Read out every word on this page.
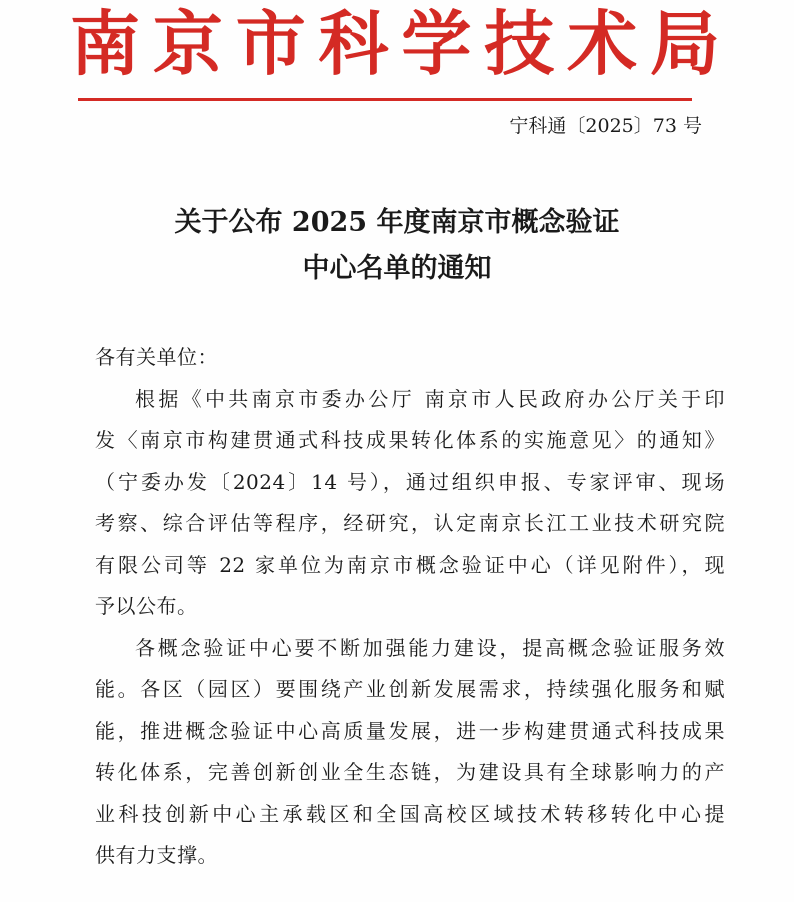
南 京 市 科 学 技 术 局
宁科通〔2025〕73 号
关于公布 2025 年度南京市概念验证
中心名单的通知

各有关单位：

根据《中共南京市委办公厅 南京市人民政府办公厅关于印
发〈南京市构建贯通式科技成果转化体系的实施意见〉的通知》
（宁委办发〔2024〕14 号），通过组织申报、专家评审、现场
考察、综合评估等程序，经研究，认定南京长江工业技术研究院
有限公司等 22 家单位为南京市概念验证中心（详见附件），现
予以公布。

各概念验证中心要不断加强能力建设，提高概念验证服务效
能。各区（园区）要围绕产业创新发展需求，持续强化服务和赋
能，推进概念验证中心高质量发展，进一步构建贯通式科技成果
转化体系，完善创新创业全生态链，为建设具有全球影响力的产
业科技创新中心主承载区和全国高校区域技术转移转化中心提
供有力支撑。
